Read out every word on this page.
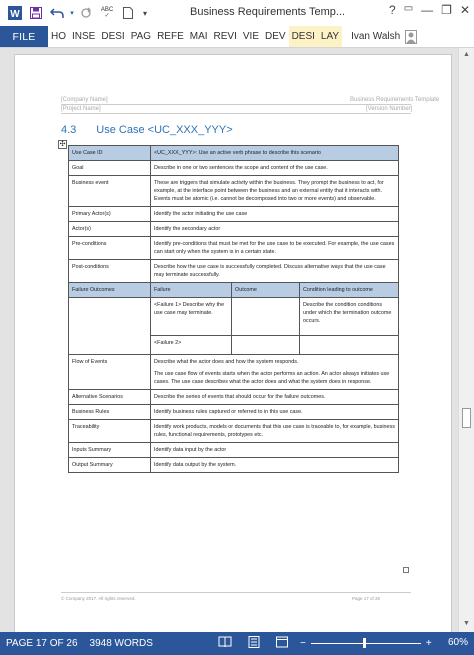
W	▾	ABC
✓	▾	Business Requirements Temp...	? ▭ — ❐ ✕
FILE	HO INSE DESI PAG REFE MAI REVI VIE DEV DESI LAY	Ivan Walsh
[Company Name]	Business Requirements Template
[Project Name]	[Version Number]
4.3 Use Case <UC_XXX_YYY>
✣

Use Case ID	<UC_XXX_YYY>: Use an active verb phrase to describe this scenario		
Goal	Describe in one or two sentences the scope and content of the use case.		
Business event	These are triggers that simulate activity within the business. They prompt the business to act, for example, at the interface point between the business and an external entity that it interacts with. Events must be atomic (i.e. cannot be decomposed into two or more events) and observable.		
Primary Actor(s)	Identify the actor initiating the use case		
Actor(s)	Identify the secondary actor		
Pre-conditions	Identify pre-conditions that must be met for the use case to be executed. For example, the use cases can start only when the system is in a certain state.		
Post-conditions	Describe how the use case is successfully completed. Discuss alternative ways that the use case may terminate successfully.		
Failure Outcomes	Failure	Outcome	Condition leading to outcome
	<Failure 1> Describe why the use case may terminate.		Describe the condition conditions under which the termination outcome occurs.
	<Failure 2>		
Flow of Events	Describe what the actor does and how the system responds.
The use case flow of events starts when the actor performs an action. An actor always initiates use cases. The use case describes what the actor does and what the system does in response.		

Alternative Scenarios	Describe the series of events that should occur for the failure outcomes.		
Business Rules	Identify business rules captured or referred to in this use case.		
Traceability	Identify work products, models or documents that this use case is traceable to, for example, business rules, functional requirements, prototypes etc.		
Inputs Summary	Identify data input by the actor		
Output Summary	Identify data output by the system.		
© Company 2017. All rights reserved.	Page 17 of 26
▲
▼
PAGE 17 OF 26	3948 WORDS	−	+ 60%
